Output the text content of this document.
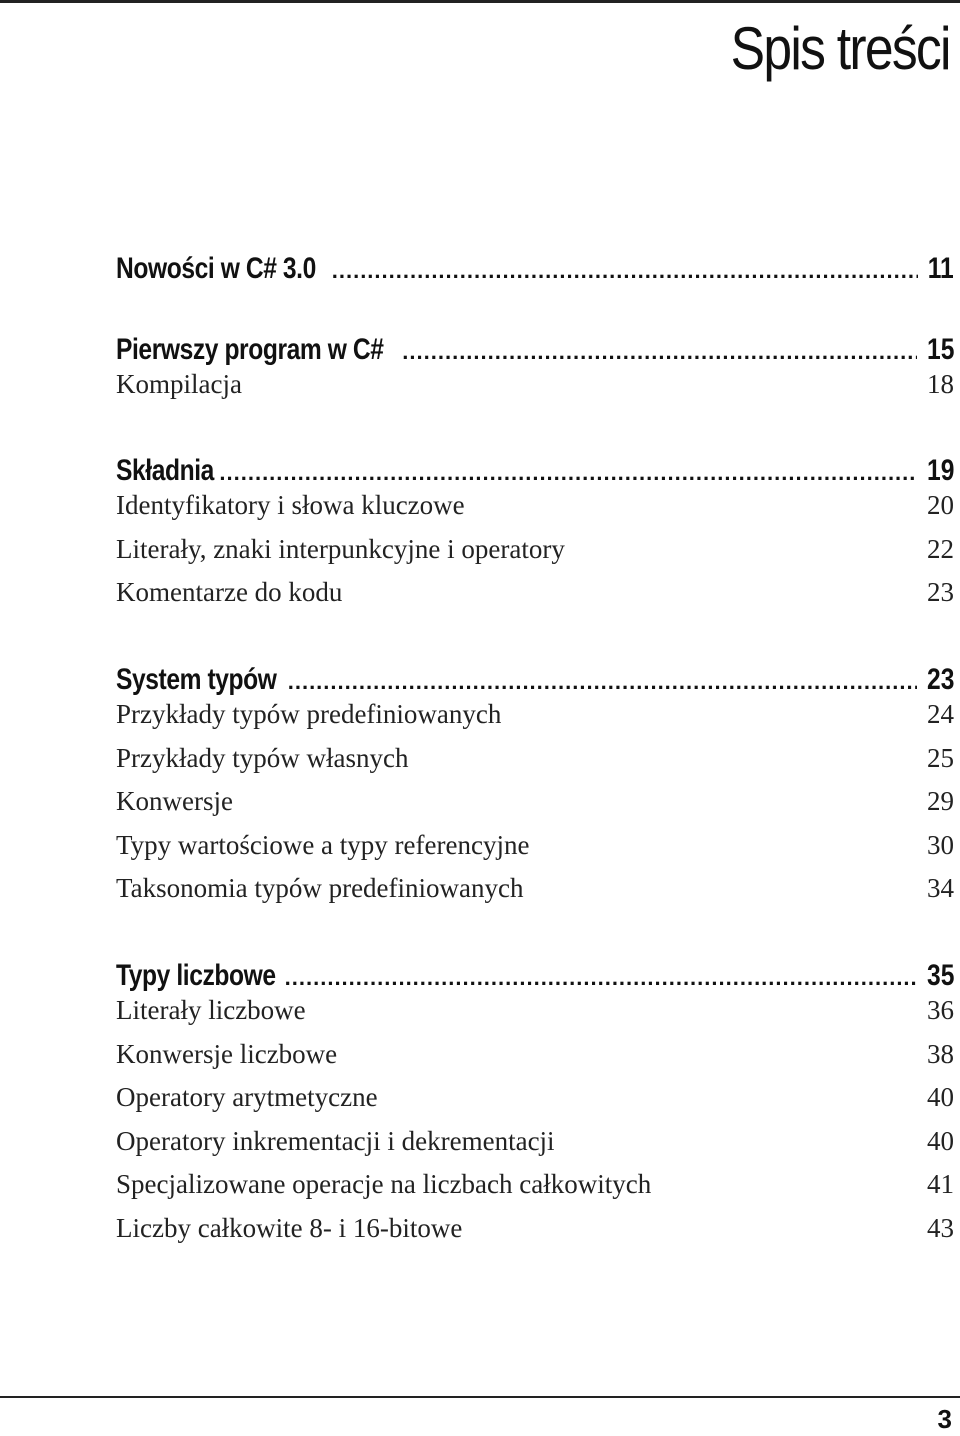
Spis treści
Nowości w C# 3.0 .....	11
Pierwszy program w C# .....	15
Kompilacja	18
Składnia .....	19
Identyfikatory i słowa kluczowe	20
Literały, znaki interpunkcyjne i operatory	22
Komentarze do kodu	23
System typów .....	23
Przykłady typów predefiniowanych	24
Przykłady typów własnych	25
Konwersje	29
Typy wartościowe a typy referencyjne	30
Taksonomia typów predefiniowanych	34
Typy liczbowe .....	35
Literały liczbowe	36
Konwersje liczbowe	38
Operatory arytmetyczne	40
Operatory inkrementacji i dekrementacji	40
Specjalizowane operacje na liczbach całkowitych	41
Liczby całkowite 8- i 16-bitowe	43
3
